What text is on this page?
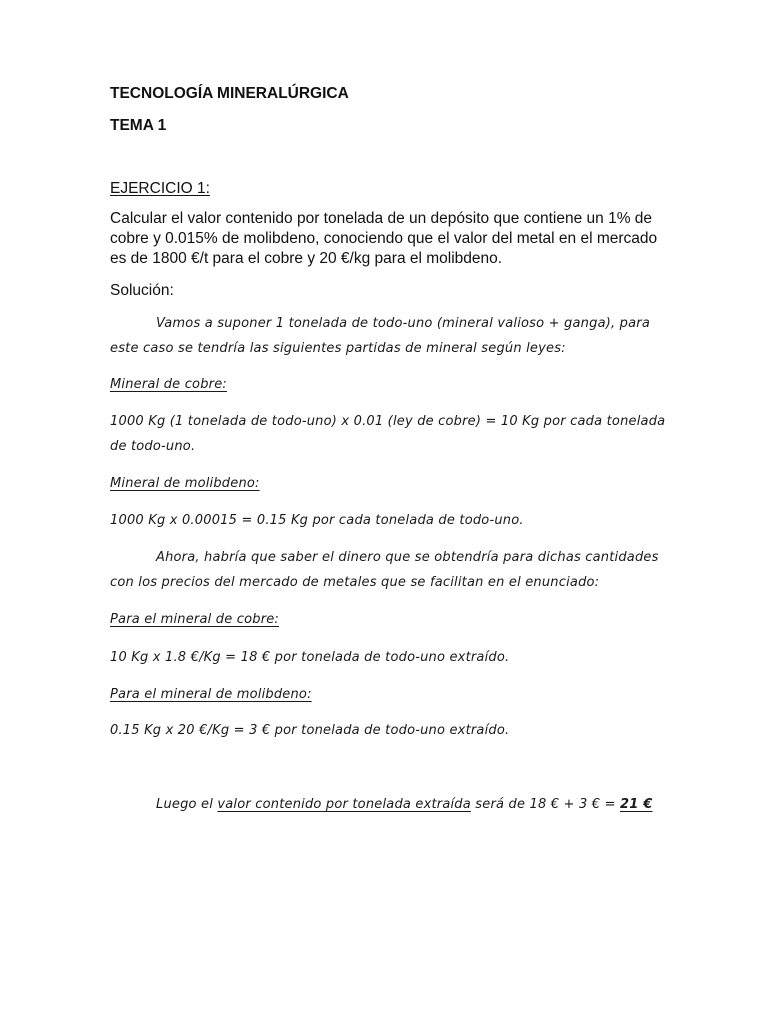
TECNOLOGÍA MINERALÚRGICA
TEMA 1
EJERCICIO 1:
Calcular el valor contenido por tonelada de un depósito que contiene un 1% de cobre y 0.015% de molibdeno, conociendo que el valor del metal en el mercado es de 1800 €/t para el cobre y 20 €/kg para el molibdeno.
Solución:
Vamos a suponer 1 tonelada de todo-uno (mineral valioso + ganga), para
este caso se tendría las siguientes partidas de mineral según leyes:
Mineral de cobre:
1000 Kg (1 tonelada de todo-uno) x 0.01 (ley de cobre) = 10 Kg por cada tonelada
de todo-uno.
Mineral de molibdeno:
1000 Kg x 0.00015 = 0.15 Kg por cada tonelada de todo-uno.
Ahora, habría que saber el dinero que se obtendría para dichas cantidades
con los precios del mercado de metales que se facilitan en el enunciado:
Para el mineral de cobre:
10 Kg x 1.8 €/Kg = 18 € por tonelada de todo-uno extraído.
Para el mineral de molibdeno:
0.15 Kg x 20 €/Kg = 3 € por tonelada de todo-uno extraído.
Luego el valor contenido por tonelada extraída será de 18 € + 3 € = 21 €
